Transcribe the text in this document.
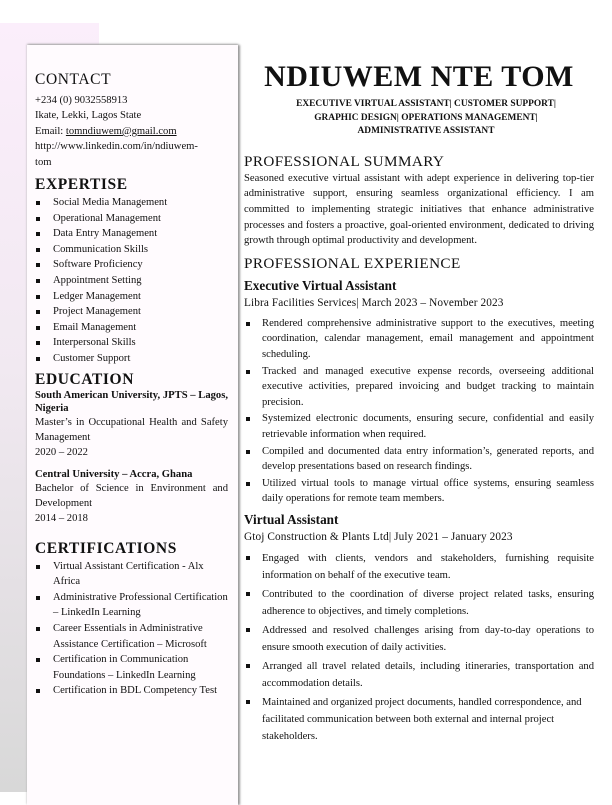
CONTACT
+234 (0) 9032558913
Ikate, Lekki, Lagos State
Email: tomndiuwem@gmail.com
http://www.linkedin.com/in/ndiuwem-
tom
EXPERTISE
Social Media Management
Operational Management
Data Entry Management
Communication Skills
Software Proficiency
Appointment Setting
Ledger Management
Project Management
Email Management
Interpersonal Skills
Customer Support
EDUCATION
South American University, JPTS – Lagos, Nigeria
Master’s in Occupational Health and Safety Management
2020 – 2022
Central University – Accra, Ghana
Bachelor of Science in Environment and Development
2014 – 2018
CERTIFICATIONS
Virtual Assistant Certification - Alx Africa
Administrative Professional Certification – LinkedIn Learning
Career Essentials in Administrative Assistance Certification – Microsoft
Certification in Communication Foundations – LinkedIn Learning
Certification in BDL Competency Test
NDIUWEM NTE TOM
EXECUTIVE VIRTUAL ASSISTANT| CUSTOMER SUPPORT|
GRAPHIC DESIGN| OPERATIONS MANAGEMENT|
ADMINISTRATIVE ASSISTANT
PROFESSIONAL SUMMARY

Seasoned executive virtual assistant with adept experience in delivering top-tier administrative support, ensuring seamless organizational efficiency. I am committed to implementing strategic initiatives that enhance administrative processes and fosters a proactive, goal-oriented environment, dedicated to driving growth through optimal productivity and development.

PROFESSIONAL EXPERIENCE
Executive Virtual Assistant
Libra Facilities Services| March 2023 – November 2023
Rendered comprehensive administrative support to the executives, meeting coordination, calendar management, email management and appointment scheduling.
Tracked and managed executive expense records, overseeing additional executive activities, prepared invoicing and budget tracking to maintain precision.
Systemized electronic documents, ensuring secure, confidential and easily retrievable information when required.
Compiled and documented data entry information’s, generated reports, and develop presentations based on research findings.
Utilized virtual tools to manage virtual office systems, ensuring seamless daily operations for remote team members.
Virtual Assistant
Gtoj Construction & Plants Ltd| July 2021 – January 2023
Engaged with clients, vendors and stakeholders, furnishing requisite information on behalf of the executive team.
Contributed to the coordination of diverse project related tasks, ensuring adherence to objectives, and timely completions.
Addressed and resolved challenges arising from day-to-day operations to ensure smooth execution of daily activities.
Arranged all travel related details, including itineraries, transportation and accommodation details.
Maintained and organized project documents, handled correspondence, and facilitated communication between both external and internal project stakeholders.
